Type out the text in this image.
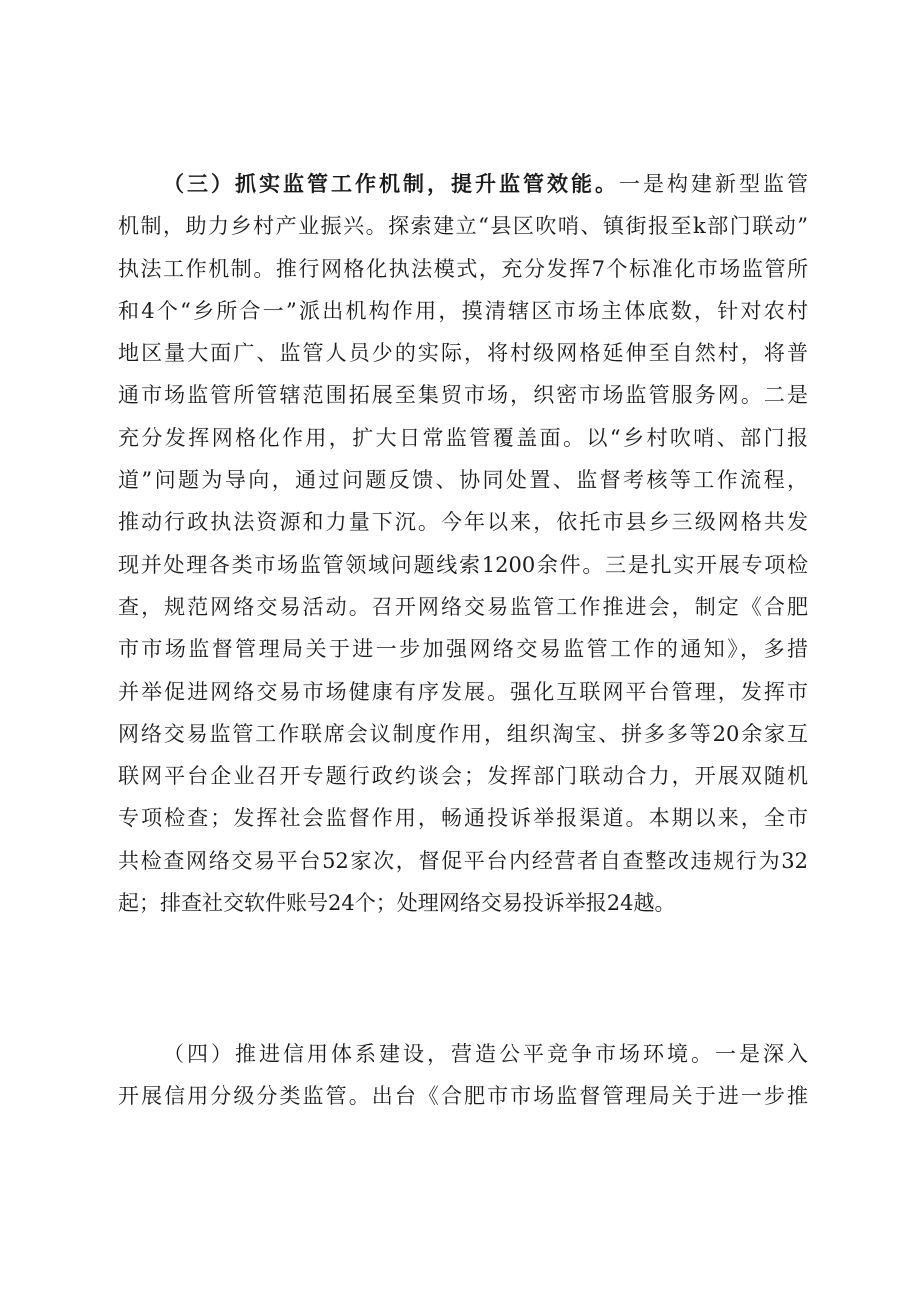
（三）抓实监管工作机制，提升监管效能。一是构建新型监管
机制，助力乡村产业振兴。探索建立“县区吹哨、镇街报至k部门联动”
执法工作机制。推行网格化执法模式，充分发挥7个标准化市场监管所
和4个“乡所合一”派出机构作用，摸清辖区市场主体底数，针对农村
地区量大面广、监管人员少的实际，将村级网格延伸至自然村，将普
通市场监管所管辖范围拓展至集贸市场，织密市场监管服务网。二是
充分发挥网格化作用，扩大日常监管覆盖面。以“乡村吹哨、部门报
道”问题为导向，通过问题反馈、协同处置、监督考核等工作流程，
推动行政执法资源和力量下沉。今年以来，依托市县乡三级网格共发
现并处理各类市场监管领域问题线索1200余件。三是扎实开展专项检
查，规范网络交易活动。召开网络交易监管工作推进会，制定《合肥
市市场监督管理局关于进一步加强网络交易监管工作的通知》，多措
并举促进网络交易市场健康有序发展。强化互联网平台管理，发挥市
网络交易监管工作联席会议制度作用，组织淘宝、拼多多等20余家互
联网平台企业召开专题行政约谈会；发挥部门联动合力，开展双随机
专项检查；发挥社会监督作用，畅通投诉举报渠道。本期以来，全市
共检查网络交易平台52家次，督促平台内经营者自查整改违规行为32
起；排查社交软件账号24个；处理网络交易投诉举报24越。
（四）推进信用体系建设，营造公平竞争市场环境。一是深入
开展信用分级分类监管。出台《合肥市市场监督管理局关于进一步推
